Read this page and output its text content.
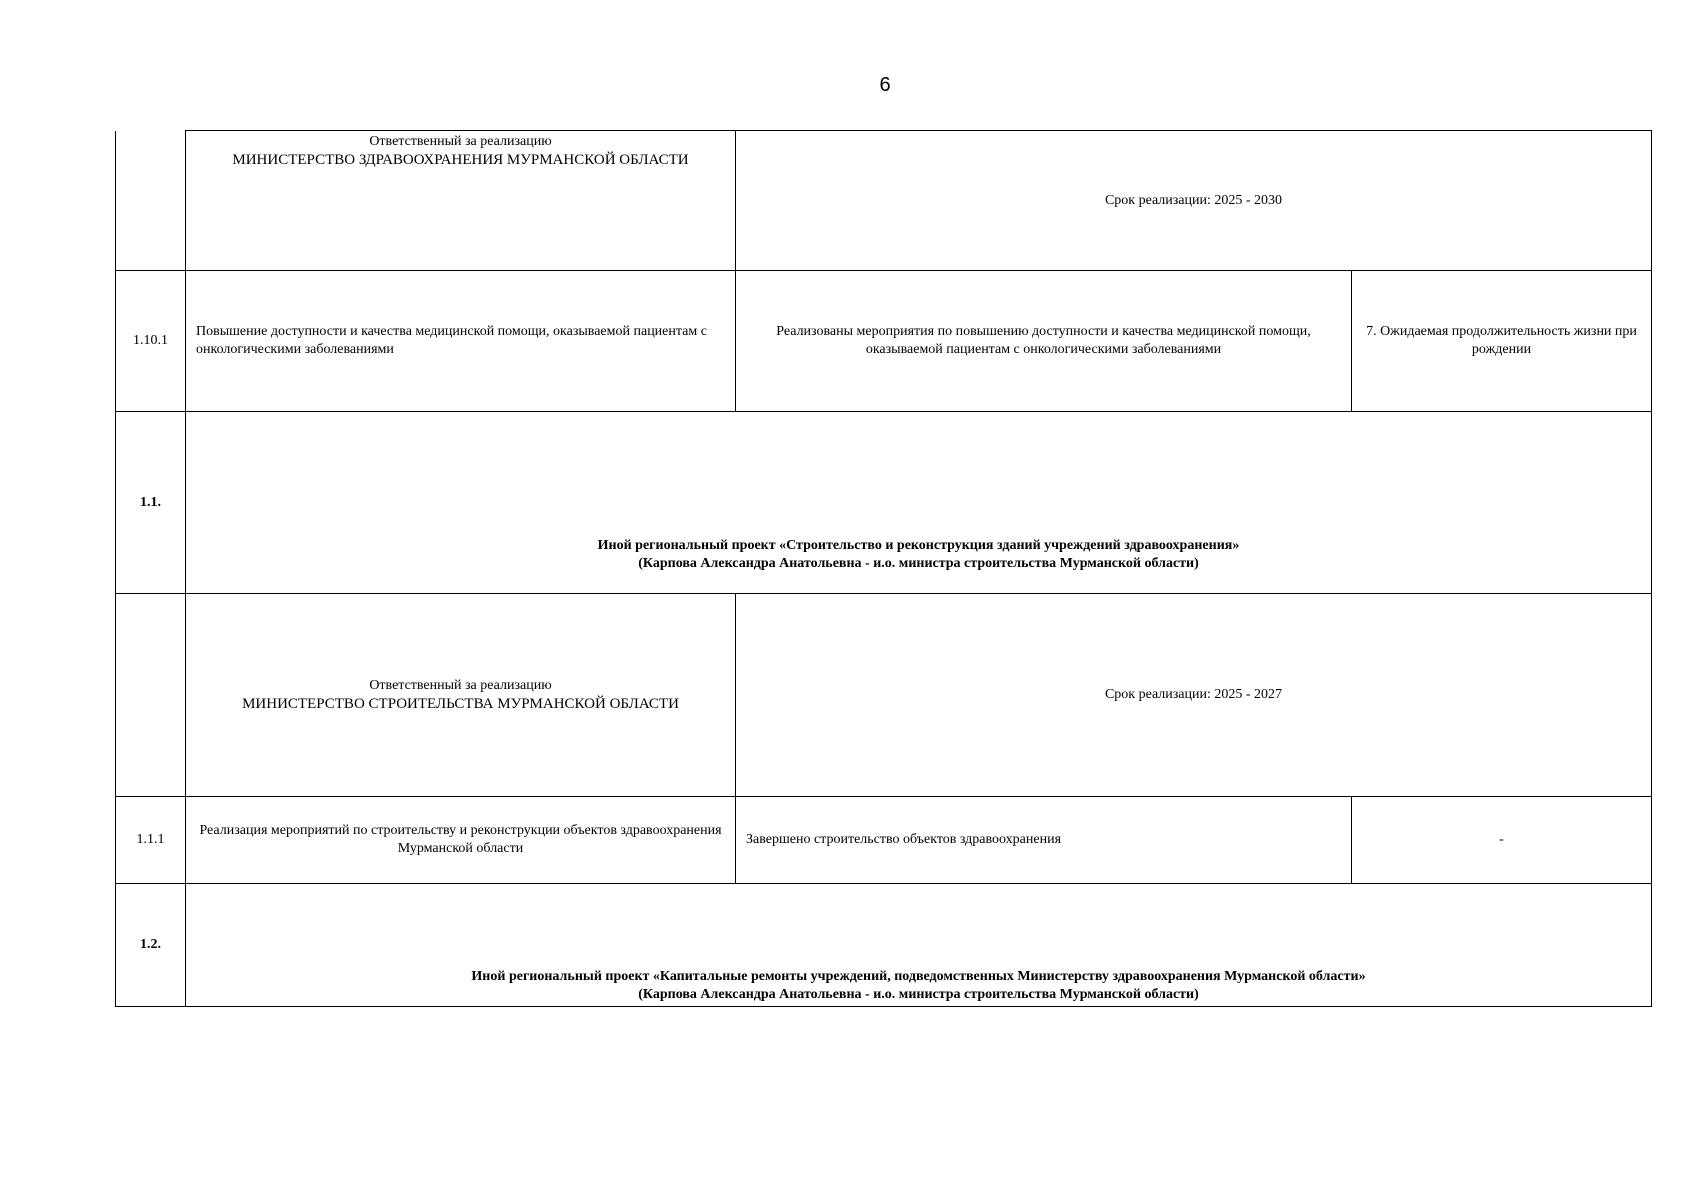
6

	Ответственный за реализацию
МИНИСТЕРСТВО ЗДРАВООХРАНЕНИЯ МУРМАНСКОЙ ОБЛАСТИ	Срок реализации: 2025 - 2030	
1.10.1	Повышение доступности и качества медицинской помощи, оказываемой пациентам с онкологическими заболеваниями	Реализованы мероприятия по повышению доступности и качества медицинской помощи, оказываемой пациентам с онкологическими заболеваниями	7. Ожидаемая продолжительность жизни при рождении
1.1.	Иной региональный проект «Строительство и реконструкция зданий учреждений здравоохранения»
(Карпова Александра Анатольевна - и.о. министра строительства Мурманской области)		

	Ответственный за реализацию
МИНИСТЕРСТВО СТРОИТЕЛЬСТВА МУРМАНСКОЙ ОБЛАСТИ	Срок реализации: 2025 - 2027	
1.1.1	Реализация мероприятий по строительству и реконструкции объектов здравоохранения Мурманской области	Завершено строительство объектов здравоохранения	-
1.2.	Иной региональный проект «Капитальные ремонты учреждений, подведомственных Министерству здравоохранения Мурманской области»
(Карпова Александра Анатольевна - и.о. министра строительства Мурманской области)		
